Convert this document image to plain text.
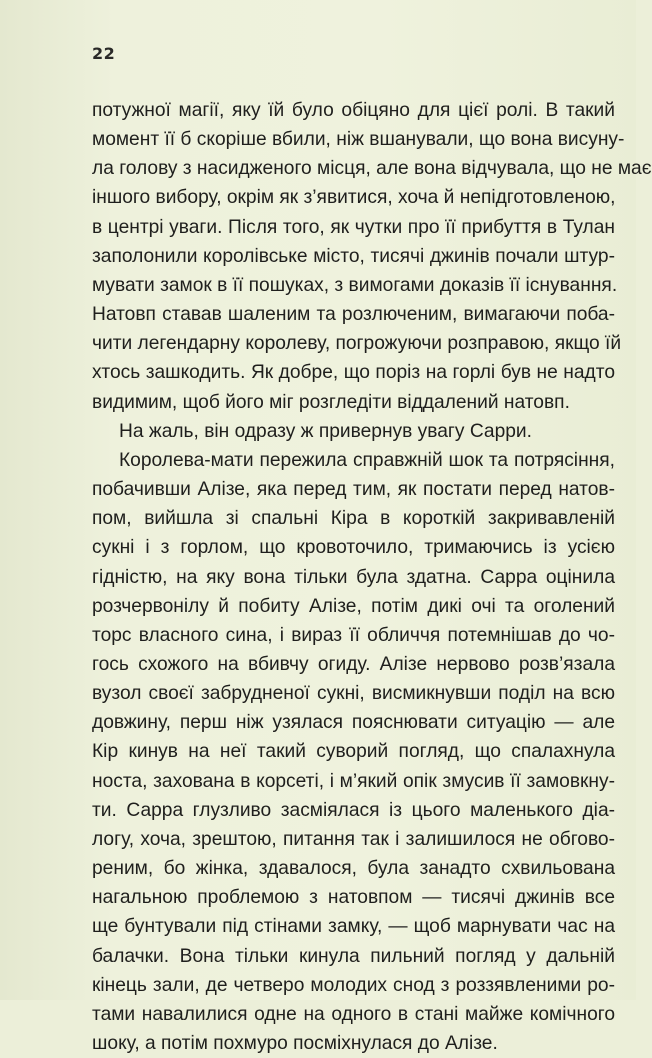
22

потужної магії, яку їй було обіцяно для цієї ролі. В такий
момент її б скоріше вбили, ніж вшанували, що вона висуну-
ла голову з насидженого місця, але вона відчувала, що не має
іншого вибору, окрім як з’явитися, хоча й непідготовленою,
в центрі уваги. Після того, як чутки про її прибуття в Тулан
заполонили королівське місто, тисячі джинів почали штур-
мувати замок в її пошуках, з вимогами доказів її існування.
Натовп ставав шаленим та розлюченим, вимагаючи поба-
чити легендарну королеву, погрожуючи розправою, якщо їй
хтось зашкодить. Як добре, що поріз на горлі був не надто
видимим, щоб його міг розгледіти віддалений натовп.

На жаль, він одразу ж привернув увагу Сарри.

Королева-мати пережила справжній шок та потрясіння,
побачивши Алізе, яка перед тим, як постати перед натов-
пом, вийшла зі спальні Кіра в короткій закривавленій
сукні і з горлом, що кровоточило, тримаючись із усією
гідністю, на яку вона тільки була здатна. Сарра оцінила
розчервонілу й побиту Алізе, потім дикі очі та оголений
торс власного сина, і вираз її обличчя потемнішав до чо-
гось схожого на вбивчу огиду. Алізе нервово розв’язала
вузол своєї забрудненої сукні, висмикнувши поділ на всю
довжину, перш ніж узялася пояснювати ситуацію — але
Кір кинув на неї такий суворий погляд, що спалахнула
ноcта, захована в корсеті, і м’який опік змусив її замовкну-
ти. Сарра глузливо засміялася із цього маленького діа-
логу, хоча, зрештою, питання так і залишилося не обгово-
реним, бо жінка, здавалося, була занадто схвильована
нагальною проблемою з натовпом — тисячі джинів все
ще бунтували під стінами замку, — щоб марнувати час на
балачки. Вона тільки кинула пильний погляд у дальній
кінець зали, де четверо молодих снод з роззявленими ро-
тами навалилися одне на одного в стані майже комічного
шоку, а потім похмуро посміхнулася до Алізе.
